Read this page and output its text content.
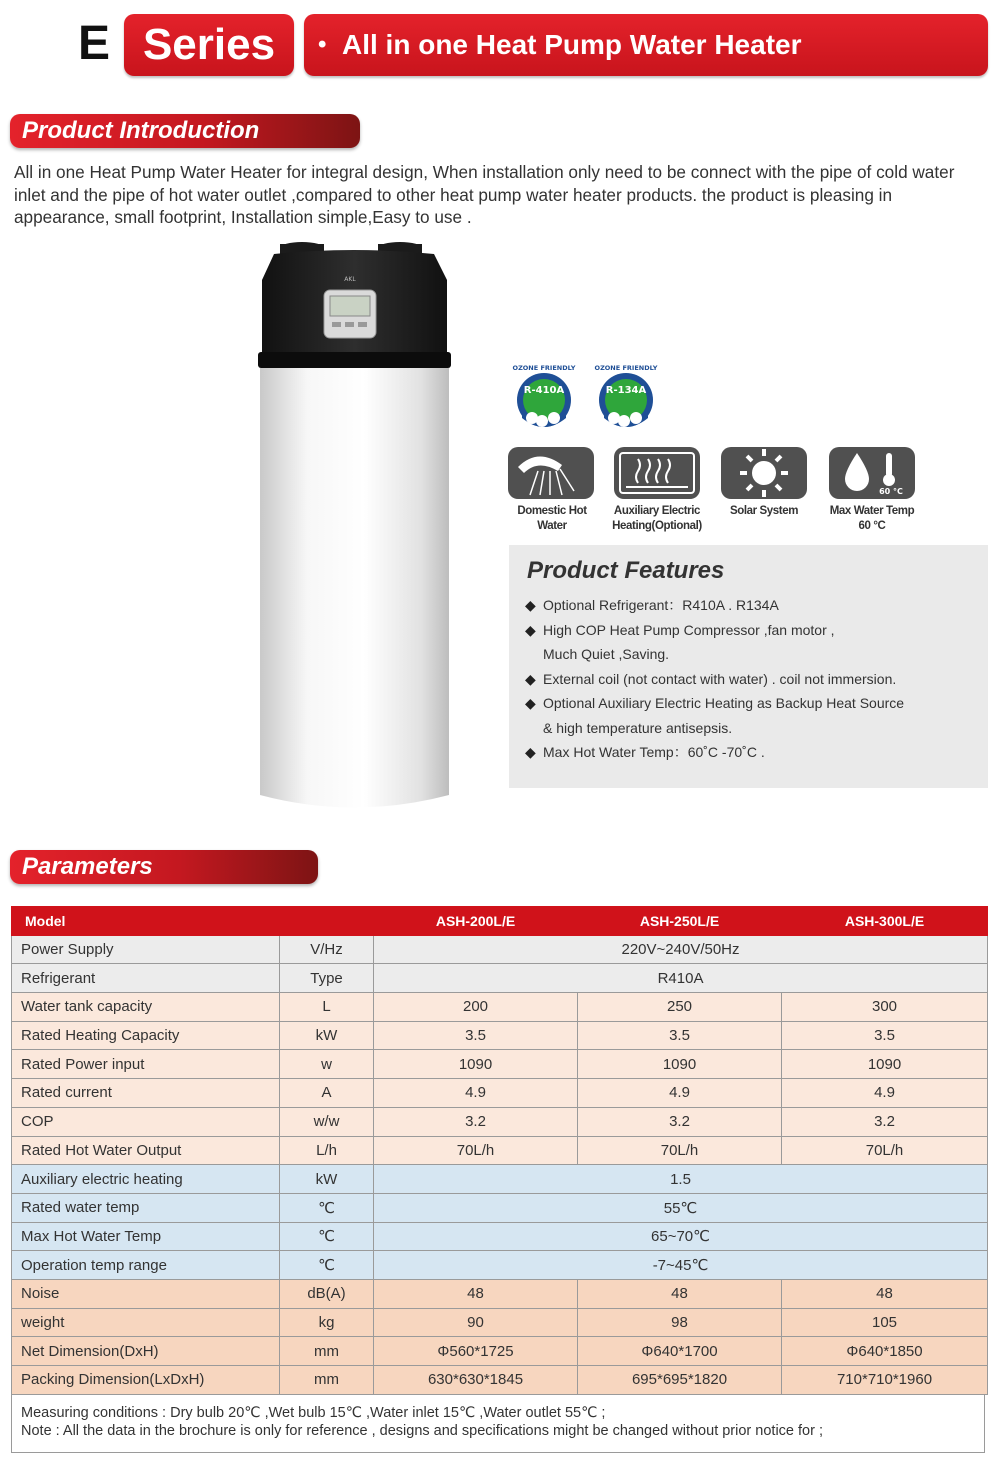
E Series	• All in one Heat Pump Water Heater
Product Introduction
All in one Heat Pump Water Heater for integral design, When installation only need to be connect with the pipe of cold water inlet and the pipe of hot water outlet ,compared to other heat pump water heater products. the product is pleasing in appearance, small footprint, Installation simple,Easy to use .
AKL
R-410A
OZONE FRIENDLY
R-134A
OZONE FRIENDLY
60 °C
Domestic Hot Water
Auxiliary Electric
Heating(Optional)
Solar System	Max Water Temp
60 °C
Product Features
◆ Optional Refrigerant：R410A . R134A
◆ High COP Heat Pump Compressor ,fan motor ,
Much Quiet ,Saving.
◆ External coil (not contact with water) . coil not immersion.
◆ Optional Auxiliary Electric Heating as Backup Heat Source
& high temperature antisepsis.
◆ Max Hot Water Temp：60˚C -70˚C .
Parameters
Model		ASH-200L/E	ASH-250L/E	ASH-300L/E
Power Supply	V/Hz	220V~240V/50Hz		
Refrigerant	Type	R410A		
Water tank capacity	L	200	250	300
Rated Heating Capacity	kW	3.5	3.5	3.5
Rated Power input	w	1090	1090	1090
Rated current	A	4.9	4.9	4.9
COP	w/w	3.2	3.2	3.2
Rated Hot Water Output	L/h	70L/h	70L/h	70L/h
Auxiliary electric heating	kW	1.5		
Rated water temp	℃	55℃		
Max Hot Water Temp	℃	65~70℃		
Operation temp range	℃	-7~45℃		
Noise	dB(A)	48	48	48
weight	kg	90	98	105
Net Dimension(DxH)	mm	Φ560*1725	Φ640*1700	Φ640*1850
Packing Dimension(LxDxH)	mm	630*630*1845	695*695*1820	710*710*1960
Measuring conditions : Dry bulb 20℃ ,Wet bulb 15℃ ,Water inlet 15℃ ,Water outlet 55℃ ;
Note : All the data in the brochure is only for reference , designs and specifications might be changed without prior notice for ;
